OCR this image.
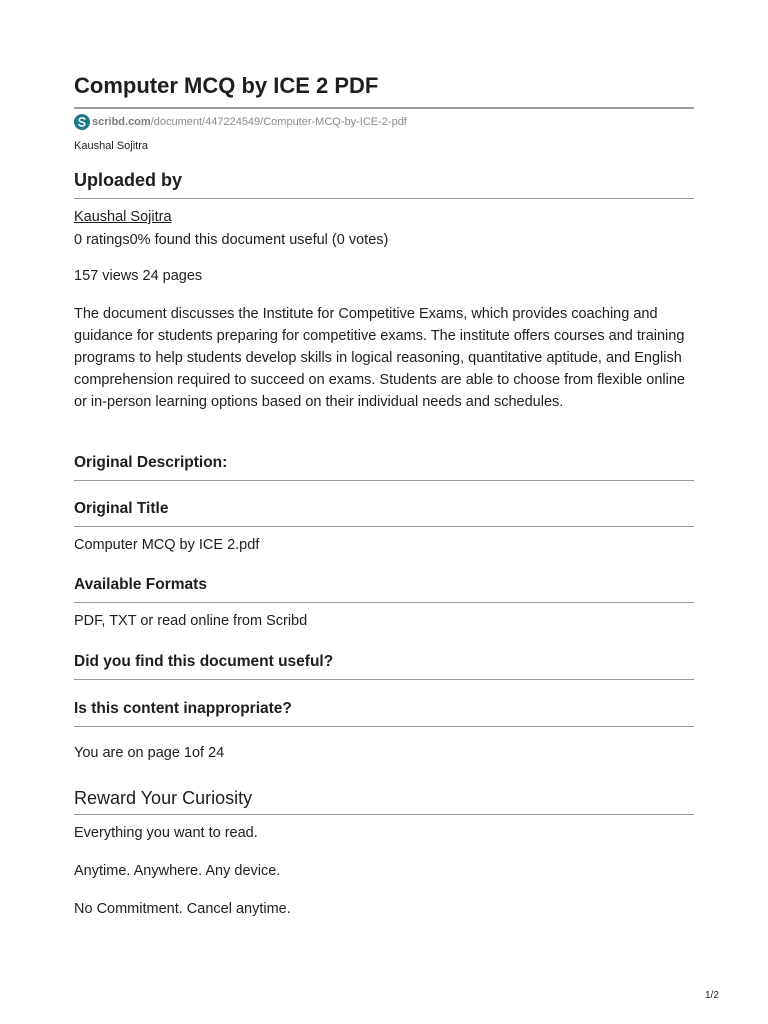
Computer MCQ by ICE 2 PDF
scribd.com /document/447224549/Computer-MCQ-by-ICE-2-pdf
Kaushal Sojitra
Uploaded by
Kaushal Sojitra
0 ratings0% found this document useful (0 votes)
157 views 24 pages
The document discusses the Institute for Competitive Exams, which provides coaching and guidance for students preparing for competitive exams. The institute offers courses and training programs to help students develop skills in logical reasoning, quantitative aptitude, and English comprehension required to succeed on exams. Students are able to choose from flexible online or in-person learning options based on their individual needs and schedules.
Original Description:
Original Title
Computer MCQ by ICE 2.pdf
Available Formats
PDF, TXT or read online from Scribd
Did you find this document useful?
Is this content inappropriate?
You are on page 1of 24
Reward Your Curiosity
Everything you want to read.
Anytime. Anywhere. Any device.
No Commitment. Cancel anytime.
1/2
